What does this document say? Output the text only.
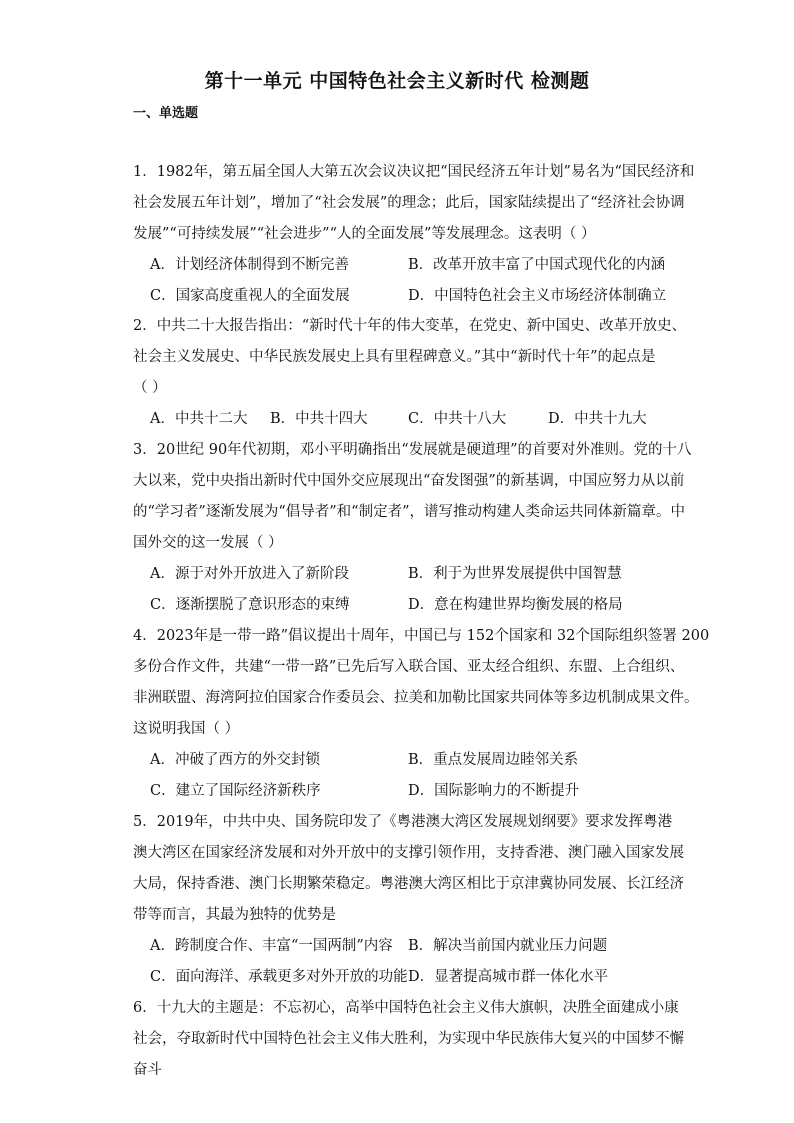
第十一单元 中国特色社会主义新时代 检测题
一、单选题
1．1982年，第五届全国人大第五次会议决议把“国民经济五年计划”易名为“国民经济和
社会发展五年计划”，增加了“社会发展”的理念；此后，国家陆续提出了“经济社会协调
发展”“可持续发展”“社会进步”“人的全面发展”等发展理念。这表明（ ）
A．计划经济体制得到不断完善	B．改革开放丰富了中国式现代化的内涵
C．国家高度重视人的全面发展	D．中国特色社会主义市场经济体制确立
2．中共二十大报告指出：“新时代十年的伟大变革，在党史、新中国史、改革开放史、
社会主义发展史、中华民族发展史上具有里程碑意义。”其中“新时代十年”的起点是
（ ）
A．中共十二大 B．中共十四大	C．中共十八大	D．中共十九大
3．20世纪 90年代初期，邓小平明确指出“发展就是硬道理”的首要对外准则。党的十八
大以来，党中央指出新时代中国外交应展现出“奋发图强”的新基调，中国应努力从以前
的“学习者”逐渐发展为“倡导者”和“制定者”，谱写推动构建人类命运共同体新篇章。中
国外交的这一发展（ ）
A．源于对外开放进入了新阶段	B．利于为世界发展提供中国智慧
C．逐渐摆脱了意识形态的束缚	D．意在构建世界均衡发展的格局
4．2023年是一带一路”倡议提出十周年，中国已与 152个国家和 32个国际组织签署 200
多份合作文件，共建“一带一路”已先后写入联合国、亚太经合组织、东盟、上合组织、
非洲联盟、海湾阿拉伯国家合作委员会、拉美和加勒比国家共同体等多边机制成果文件。
这说明我国（ ）
A．冲破了西方的外交封锁	B．重点发展周边睦邻关系
C．建立了国际经济新秩序	D．国际影响力的不断提升
5．2019年，中共中央、国务院印发了《粤港澳大湾区发展规划纲要》要求发挥粤港
澳大湾区在国家经济发展和对外开放中的支撑引领作用，支持香港、澳门融入国家发展
大局，保持香港、澳门长期繁荣稳定。粤港澳大湾区相比于京津冀协同发展、长江经济
带等而言，其最为独特的优势是
A．跨制度合作、丰富“一国两制”内容 B．解决当前国内就业压力问题
C．面向海洋、承载更多对外开放的功能 D．显著提高城市群一体化水平
6．十九大的主题是：不忘初心，高举中国特色社会主义伟大旗帜，决胜全面建成小康
社会，夺取新时代中国特色社会主义伟大胜利，为实现中华民族伟大复兴的中国梦不懈
奋斗
